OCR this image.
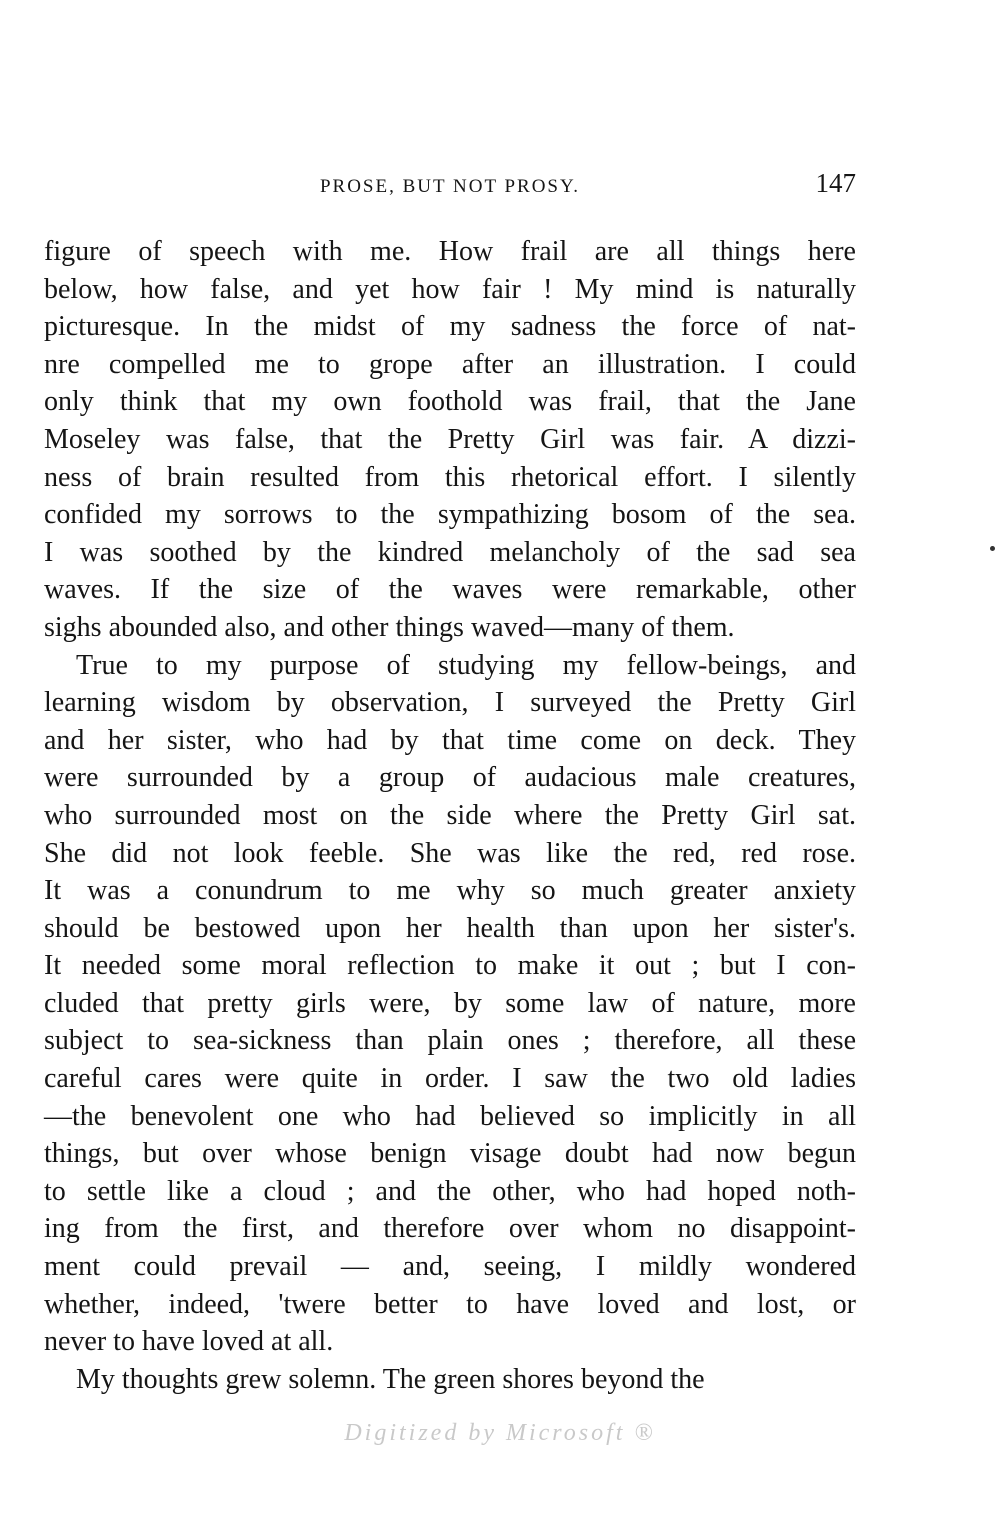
PROSE, BUT NOT PROSY.	147
figure of speech with me. How frail are all things here
below, how false, and yet how fair ! My mind is naturally
picturesque. In the midst of my sadness the force of nat-
nre compelled me to grope after an illustration. I could
only think that my own foothold was frail, that the Jane
Moseley was false, that the Pretty Girl was fair. A dizzi-
ness of brain resulted from this rhetorical effort. I silently
confided my sorrows to the sympathizing bosom of the sea.
I was soothed by the kindred melancholy of the sad sea
waves. If the size of the waves were remarkable, other
sighs abounded also, and other things waved—many of them.
True to my purpose of studying my fellow-beings, and
learning wisdom by observation, I surveyed the Pretty Girl
and her sister, who had by that time come on deck. They
were surrounded by a group of audacious male creatures,
who surrounded most on the side where the Pretty Girl sat.
She did not look feeble. She was like the red, red rose.
It was a conundrum to me why so much greater anxiety
should be bestowed upon her health than upon her sister's.
It needed some moral reflection to make it out ; but I con-
cluded that pretty girls were, by some law of nature, more
subject to sea-sickness than plain ones ; therefore, all these
careful cares were quite in order. I saw the two old ladies
—the benevolent one who had believed so implicitly in all
things, but over whose benign visage doubt had now begun
to settle like a cloud ; and the other, who had hoped noth-
ing from the first, and therefore over whom no disappoint-
ment could prevail — and, seeing, I mildly wondered
whether, indeed, 'twere better to have loved and lost, or
never to have loved at all.
My thoughts grew solemn. The green shores beyond the
Digitized by Microsoft ®
